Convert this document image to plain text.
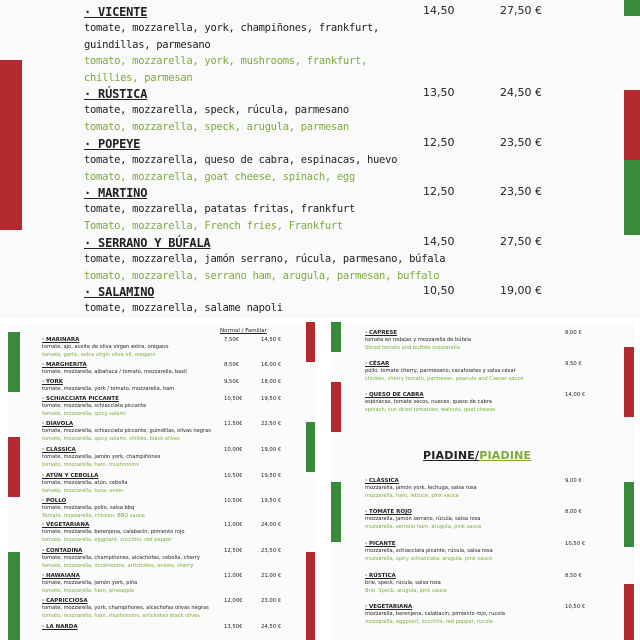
· VICENTE
tomate, mozzarella, york, champiñones, frankfurt,
guindillas, parmesano
tomato, mozzarella, york, mushrooms, frankfurt,
chillies, parmesan
14,50	27,50 €
· RÚSTICA
tomate, mozzarella, speck, rúcula, parmesano
tomato, mozzarella, speck, arugula, parmesan
13,50	24,50 €
· POPEYE
tomate, mozzarella, queso de cabra, espinacas, huevo
tomato, mozzarella, goat cheese, spinach, egg
12,50	23,50 €
· MARTINO
tomate, mozzarella, patatas fritas, frankfurt
Tomato, mozzarella, French fries, Frankfurt
12,50	23,50 €
· SERRANO Y BÚFALA
tomate, mozzarella, jamón serrano, rúcula, parmesano, búfala
tomato, mozzarella, serrano ham, arugula, parmesan, buffalo
14,50	27,50 €
· SALAMINO
tomate, mozzarella, salame napoli
10,50	19,00 €
Normal / Familiar
· MARINARA
tomate, ajo, aceite de oliva virgen extra, orégano
tomato, garlic, extra virgin olive oil, oregano
7,50€	14,50 €
· MARGHERITA
tomate, mozzarella, albahaca / tomato, mozzarella, basil
8,50€	16,00 €
· YORK
tomate, mozzarella, york / tomato, mozzarella, ham
9,50€	18,00 €
· SCHIACCIATA PICCANTE
tomate, mozzarella, schiacciata piccante
tomato, mozzarella, spicy salami
10,50€	19,50 €
· DIAVOLA
tomate, mozzarella, schiacciata piccante, guindillas, olivas negras
tomato, mozzarella, spicy salami, chillies, black olives
11,50€	22,50 €
· CLÁSSICA
tomate, mozzarella, jamón york, champiñones
tomato, mozzarella, ham, mushrooms
10,00€	19,00 €
· ATÚN Y CEBOLLA
tomate, mozzarella, atún, cebolla
tomato, mozzarella, tuna, onion
10,50€	19,50 €
· POLLO
tomate, mozzarella, pollo, salsa bbq
Tomato, mozzarella, chicken, BBQ sauce
10,50€	19,50 €
· VEGETARIANA
tomate, mozzarella, berenjena, calabacín, pimiento rojo
tomato, mozzarella, eggplant, zucchini, red pepper
11,00€	24,00 €
· CONTADINA
tomate, mozzarella, champiñones, alcachofas, cebolla, cherry
tomato, mozzarella, mushrooms, artichokes, onions, cherry
12,50€	23,50 €
· HAWAIANA
tomate, mozzarella, jamón york, piña
tomato, mozzarella, ham, pineapple
11,00€	21,00 €
· CAPRICCIOSA
tomate, mozzarella, york, champiñones, alcachofas olivas negras
tomato, mozzarella, ham, mushrooms, artichokes black olives
12,00€	23,00 €
· LA NARDA	13,50€	24,50 €
· CAPRESE
tomate en rodajas y mozzarella de búfala
Sliced tomato and buffalo mozzarella
8,00 €
· CÉSAR
pollo, tomate cherry, parmesano, cacahuetes y salsa césar
chicken, cherry tomato, parmesan, peanuts and Caesar sauce
9,50 €
· QUESO DE CABRA
espinacas, tomate secos, nueces, queso de cabra
spinach, sun-dried tomatoes, walnuts, goat cheese
14,00 €
PIADINE/PIADINE
· CLÁSSICA
mozzarella, jamón york, lechuga, salsa rosa
mozzarella, ham, lettuce, pink sauce
9,00 €
· TOMATE ROJO
mozzarella, jamón serrano, rúcula, salsa rosa
mozzarella, serrano ham, arugula, pink sauce
8,00 €
· PICANTE
mozzarella, schiacciata picante, rúcula, salsa rosa
mozzarella, spicy schiacciata, arugula, pink sauce
10,50 €
· RÚSTICA
brie, speck, rúcula, salsa rosa
Brie, Speck, arugula, pink sauce
8,50 €
· VEGETARIANA
mozzarella, berenjena, calabacín, pimiento rojo, rucola
mozzarella, eggplant, zucchini, red pepper, rucola
10,50 €
